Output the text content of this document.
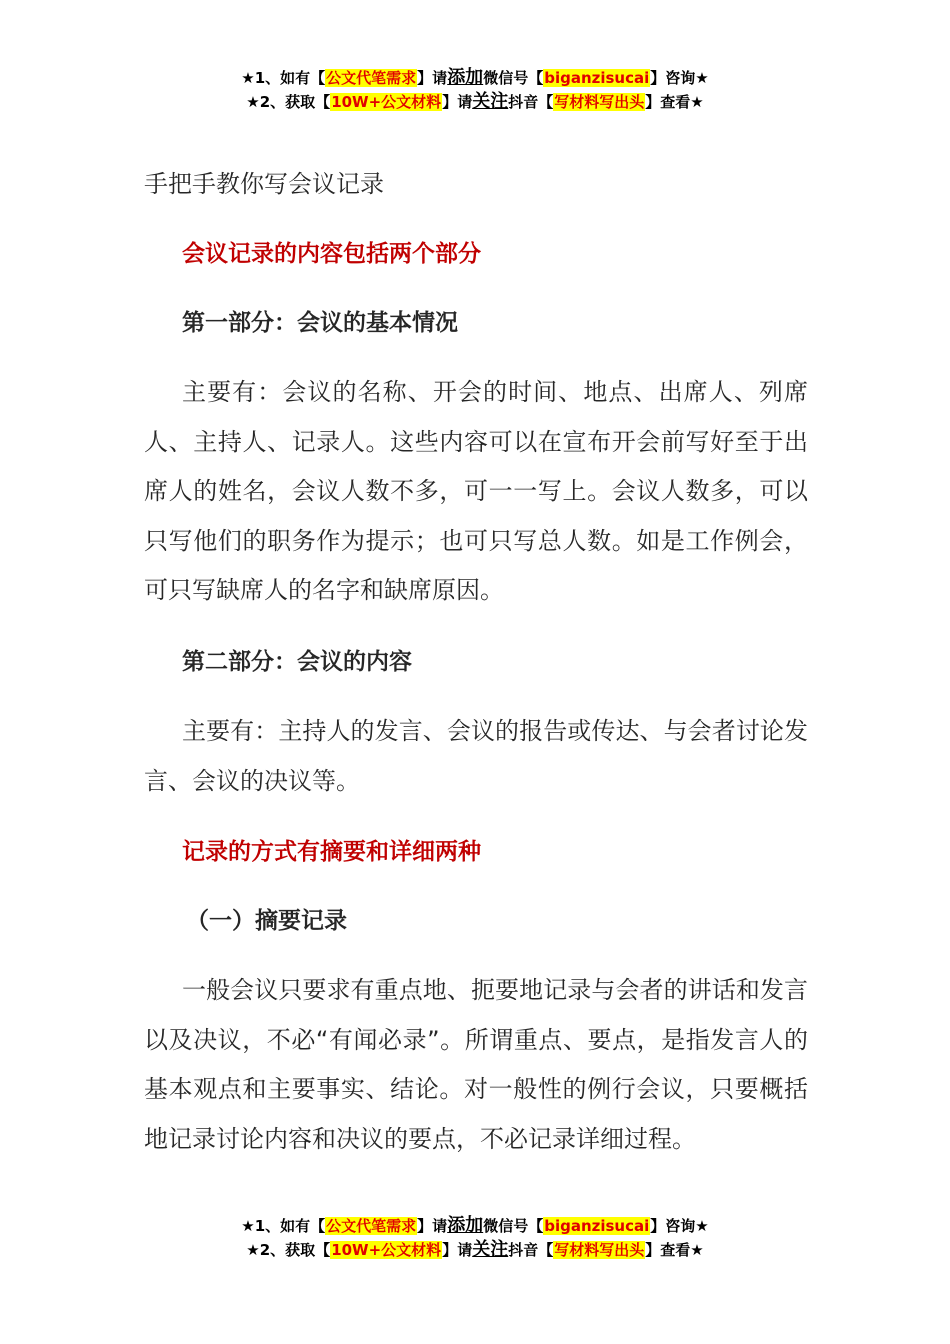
★1、如有【公文代笔需求】请添加微信号【biganzisucai】咨询★
★2、获取【10W+公文材料】请关注抖音【写材料写出头】查看★
手把手教你写会议记录
会议记录的内容包括两个部分
第一部分：会议的基本情况
主要有：会议的名称、开会的时间、地点、出席人、列席人、主持人、记录人。这些内容可以在宣布开会前写好至于出席人的姓名，会议人数不多，可一一写上。会议人数多，可以只写他们的职务作为提示；也可只写总人数。如是工作例会，可只写缺席人的名字和缺席原因。
第二部分：会议的内容
主要有：主持人的发言、会议的报告或传达、与会者讨论发言、会议的决议等。
记录的方式有摘要和详细两种
（一）摘要记录
一般会议只要求有重点地、扼要地记录与会者的讲话和发言以及决议，不必“有闻必录”。所谓重点、要点，是指发言人的基本观点和主要事实、结论。对一般性的例行会议，只要概括地记录讨论内容和决议的要点，不必记录详细过程。
★1、如有【公文代笔需求】请添加微信号【biganzisucai】咨询★
★2、获取【10W+公文材料】请关注抖音【写材料写出头】查看★
